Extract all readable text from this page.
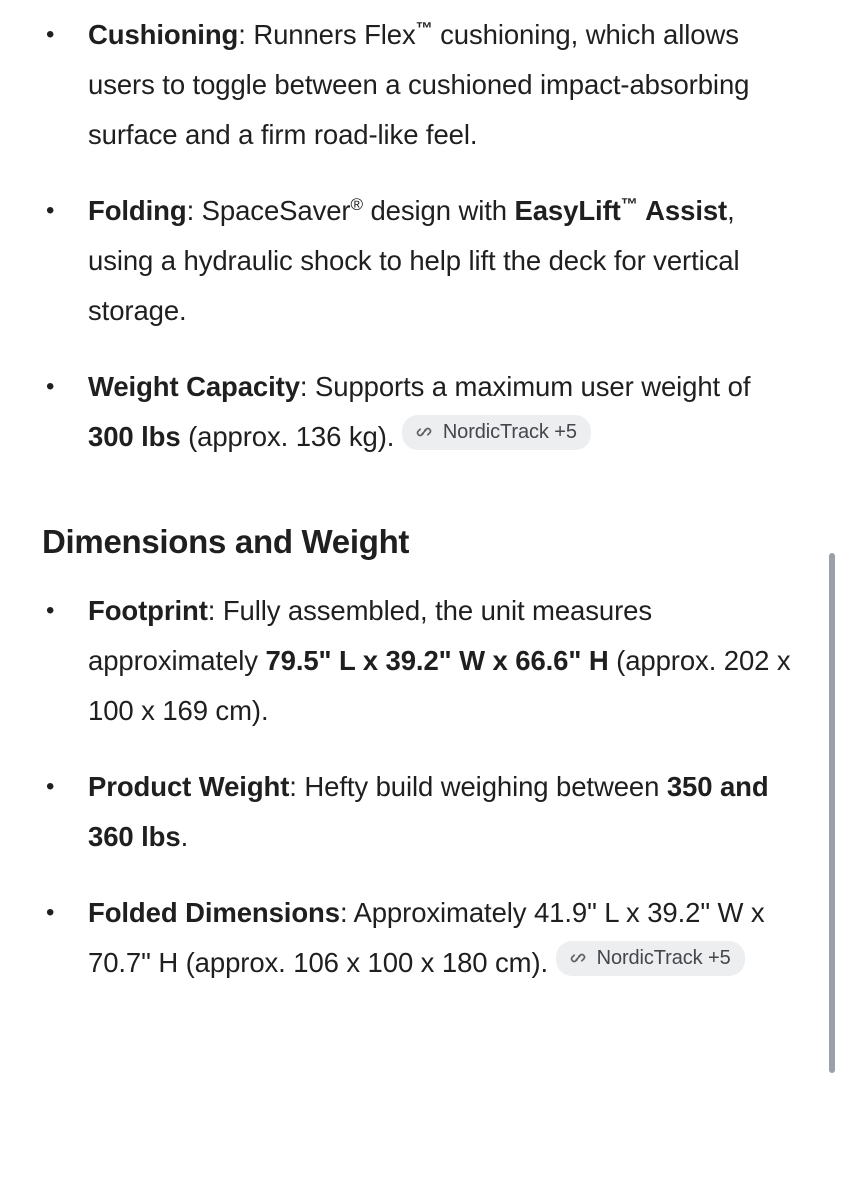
• Cushioning: Runners Flex™ cushioning, which allows users to toggle between a cushioned impact-absorbing surface and a firm road-like feel.
• Folding: SpaceSaver® design with EasyLift™ Assist, using a hydraulic shock to help lift the deck for vertical storage.
• Weight Capacity: Supports a maximum user weight of 300 lbs (approx. 136 kg). NordicTrack +5
Dimensions and Weight
• Footprint: Fully assembled, the unit measures approximately 79.5" L x 39.2" W x 66.6" H (approx. 202 x 100 x 169 cm).
• Product Weight: Hefty build weighing between 350 and 360 lbs.
• Folded Dimensions: Approximately 41.9" L x 39.2" W x 70.7" H (approx. 106 x 100 x 180 cm). NordicTrack +5
